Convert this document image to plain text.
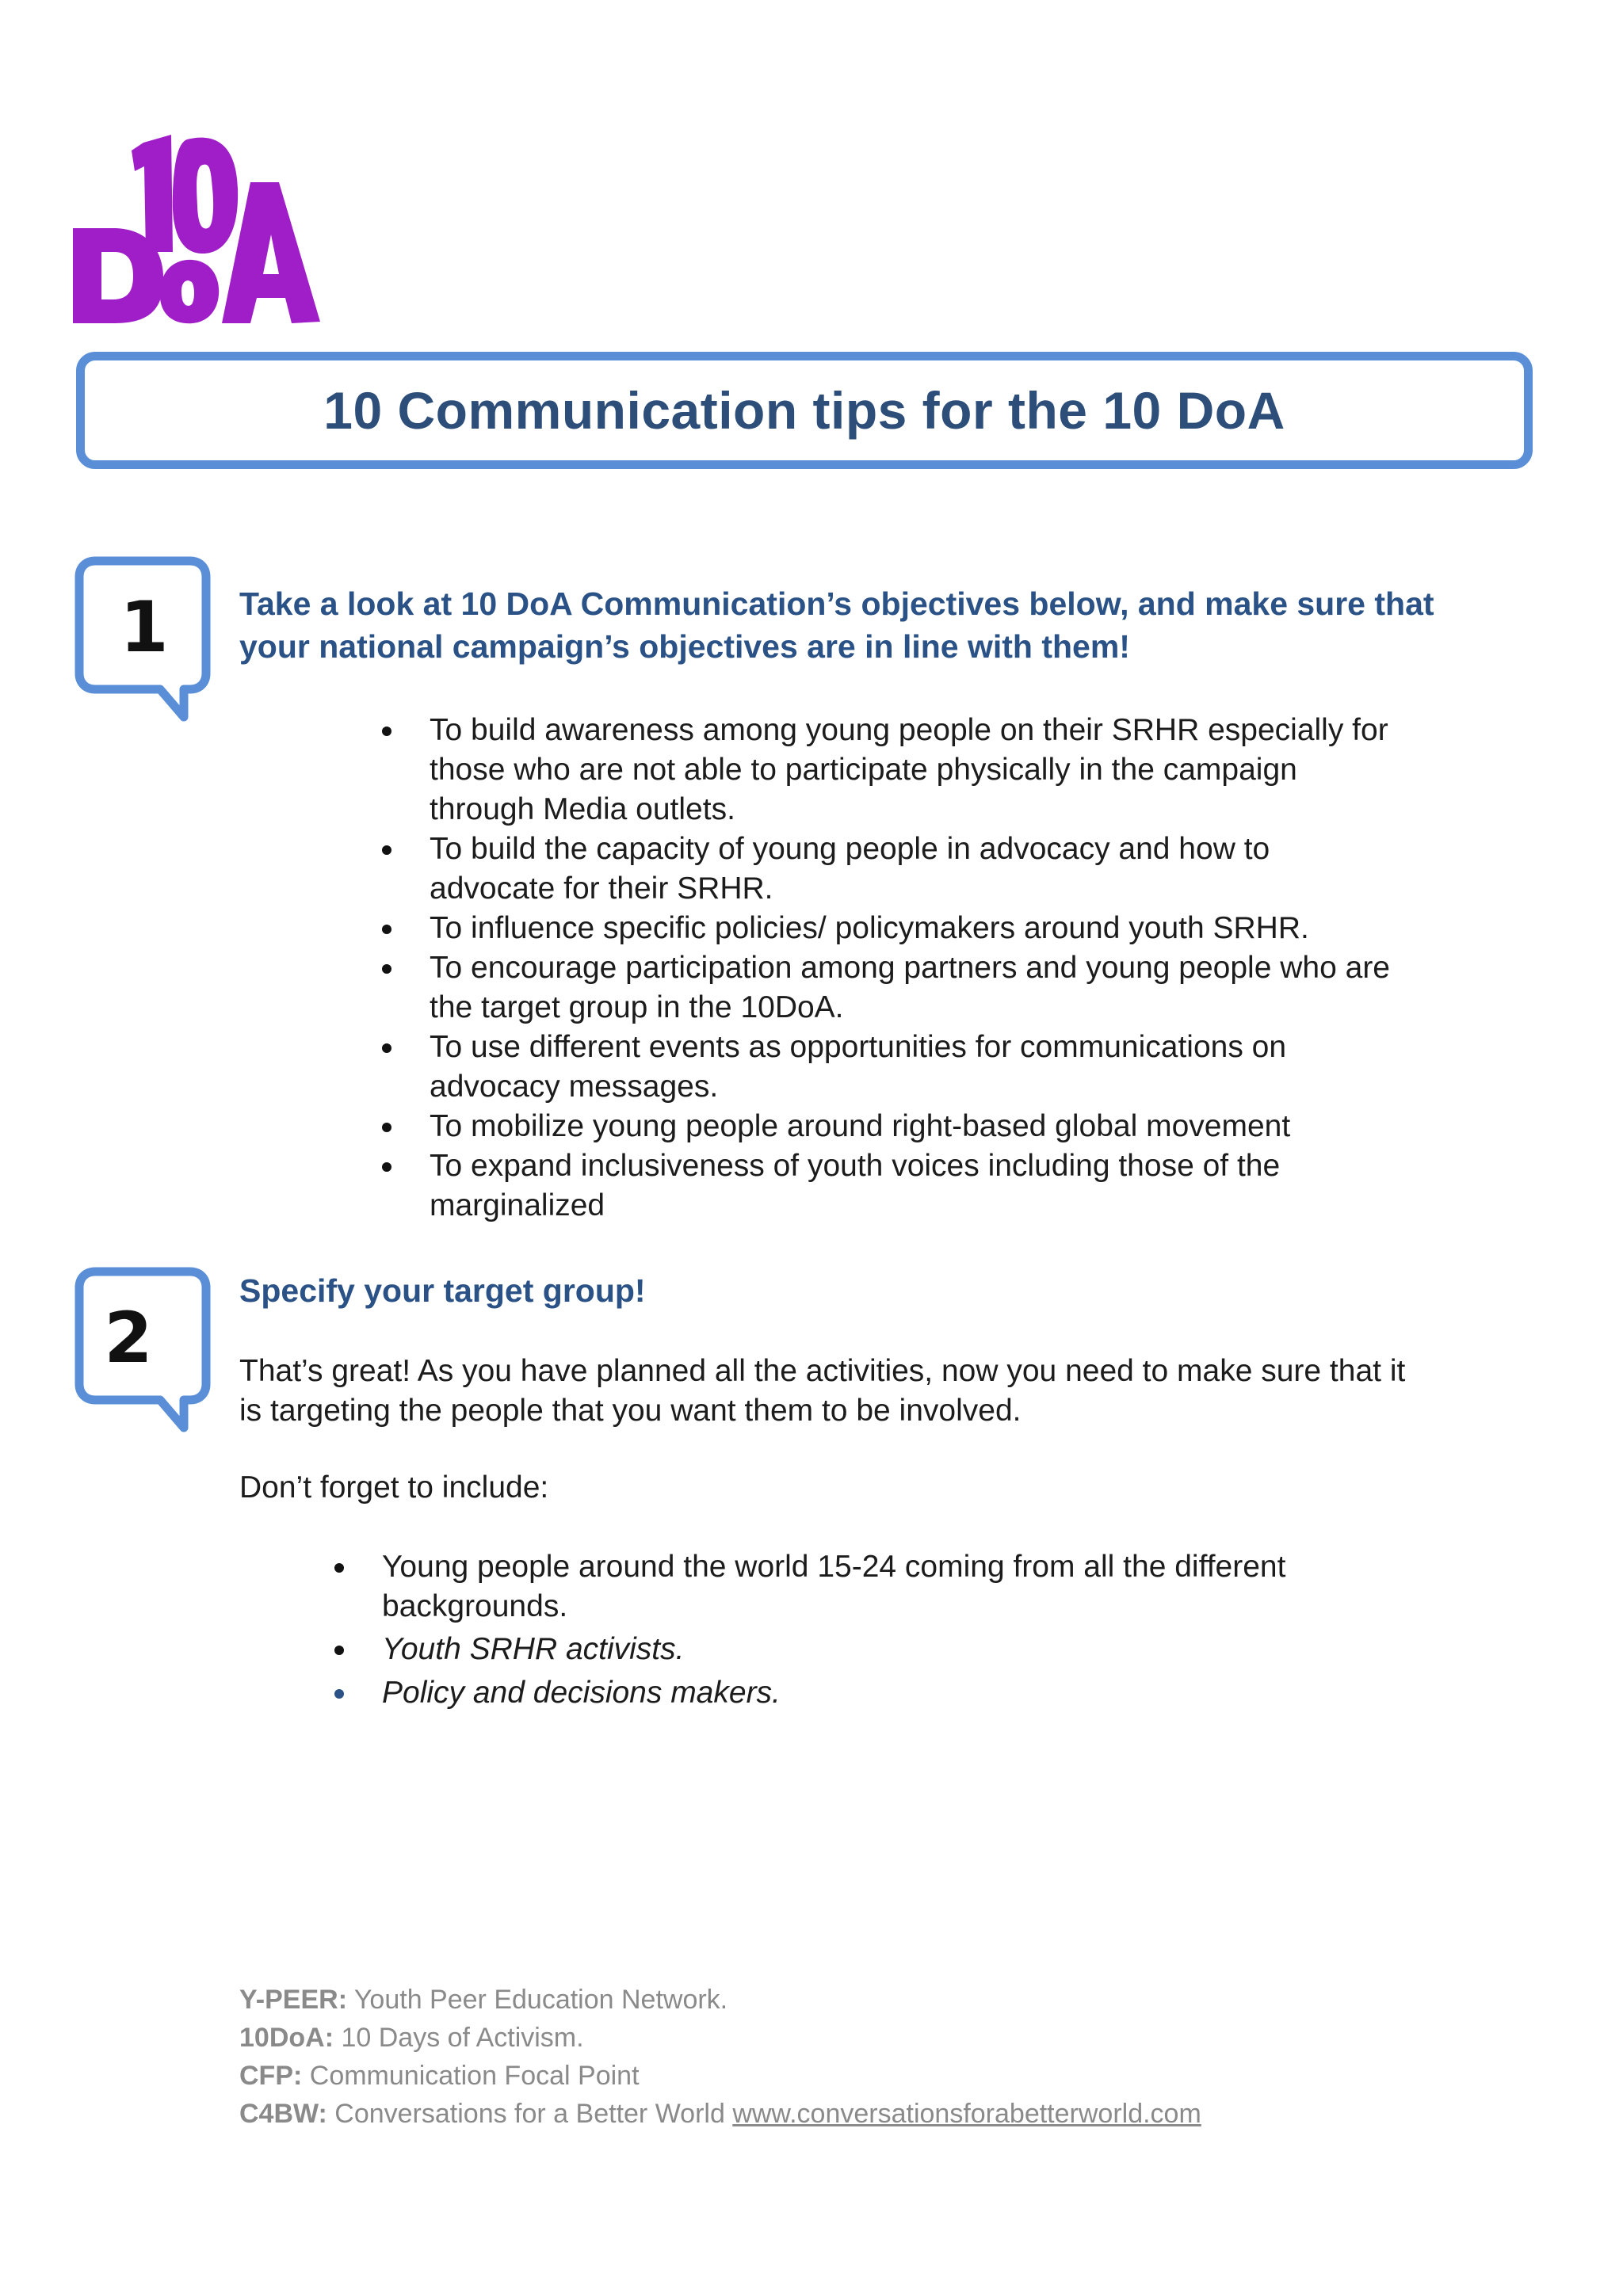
10 Communication tips for the 10 DoA
1 Take a look at 10 DoA Communication’s objectives below, and make sure that
your national campaign’s objectives are in line with them!
To build awareness among young people on their SRHR especially for
those who are not able to participate physically in the campaign
through Media outlets.
To build the capacity of young people in advocacy and how to
advocate for their SRHR.
To influence specific policies/ policymakers around youth SRHR.
To encourage participation among partners and young people who are
the target group in the 10DoA.
To use different events as opportunities for communications on
advocacy messages.
To mobilize young people around right-based global movement
To expand inclusiveness of youth voices including those of the
marginalized
2
Specify your target group!
That’s great! As you have planned all the activities, now you need to make sure that it
is targeting the people that you want them to be involved.
Don’t forget to include:
Young people around the world 15-24 coming from all the different
backgrounds.
Youth SRHR activists.
Policy and decisions makers.
Y-PEER: Youth Peer Education Network.
10DoA: 10 Days of Activism.
CFP: Communication Focal Point
C4BW: Conversations for a Better World www.conversationsforabetterworld.com
